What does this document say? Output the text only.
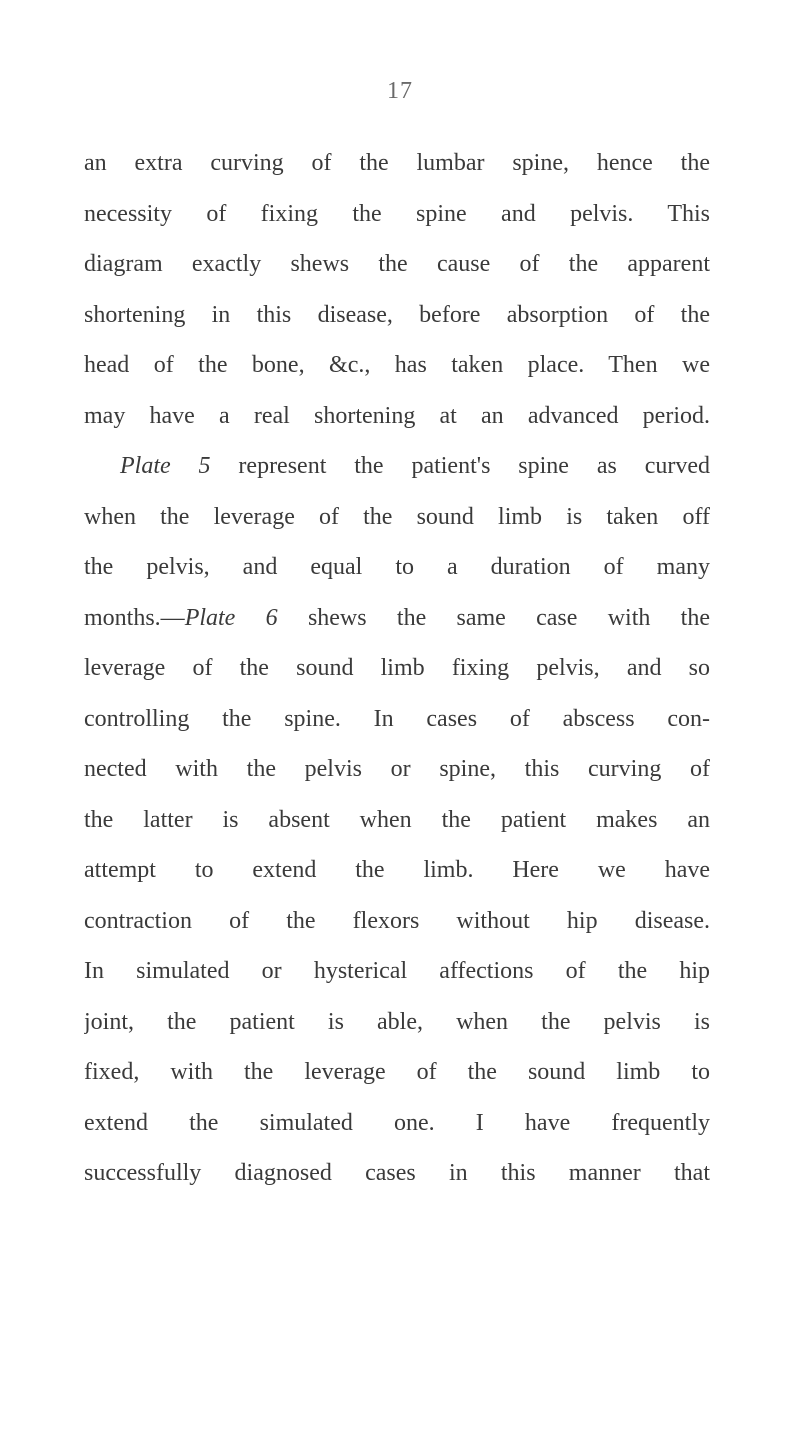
17
an extra curving of the lumbar spine, hence the
necessity of fixing the spine and pelvis. This
diagram exactly shews the cause of the apparent
shortening in this disease, before absorption of the
head of the bone, &c., has taken place. Then we
may have a real shortening at an advanced period.
Plate 5 represent the patient's spine as curved
when the leverage of the sound limb is taken off
the pelvis, and equal to a duration of many
months.—Plate 6 shews the same case with the
leverage of the sound limb fixing pelvis, and so
controlling the spine. In cases of abscess con-
nected with the pelvis or spine, this curving of
the latter is absent when the patient makes an
attempt to extend the limb. Here we have
contraction of the flexors without hip disease.
In simulated or hysterical affections of the hip
joint, the patient is able, when the pelvis is
fixed, with the leverage of the sound limb to
extend the simulated one. I have frequently
successfully diagnosed cases in this manner that
